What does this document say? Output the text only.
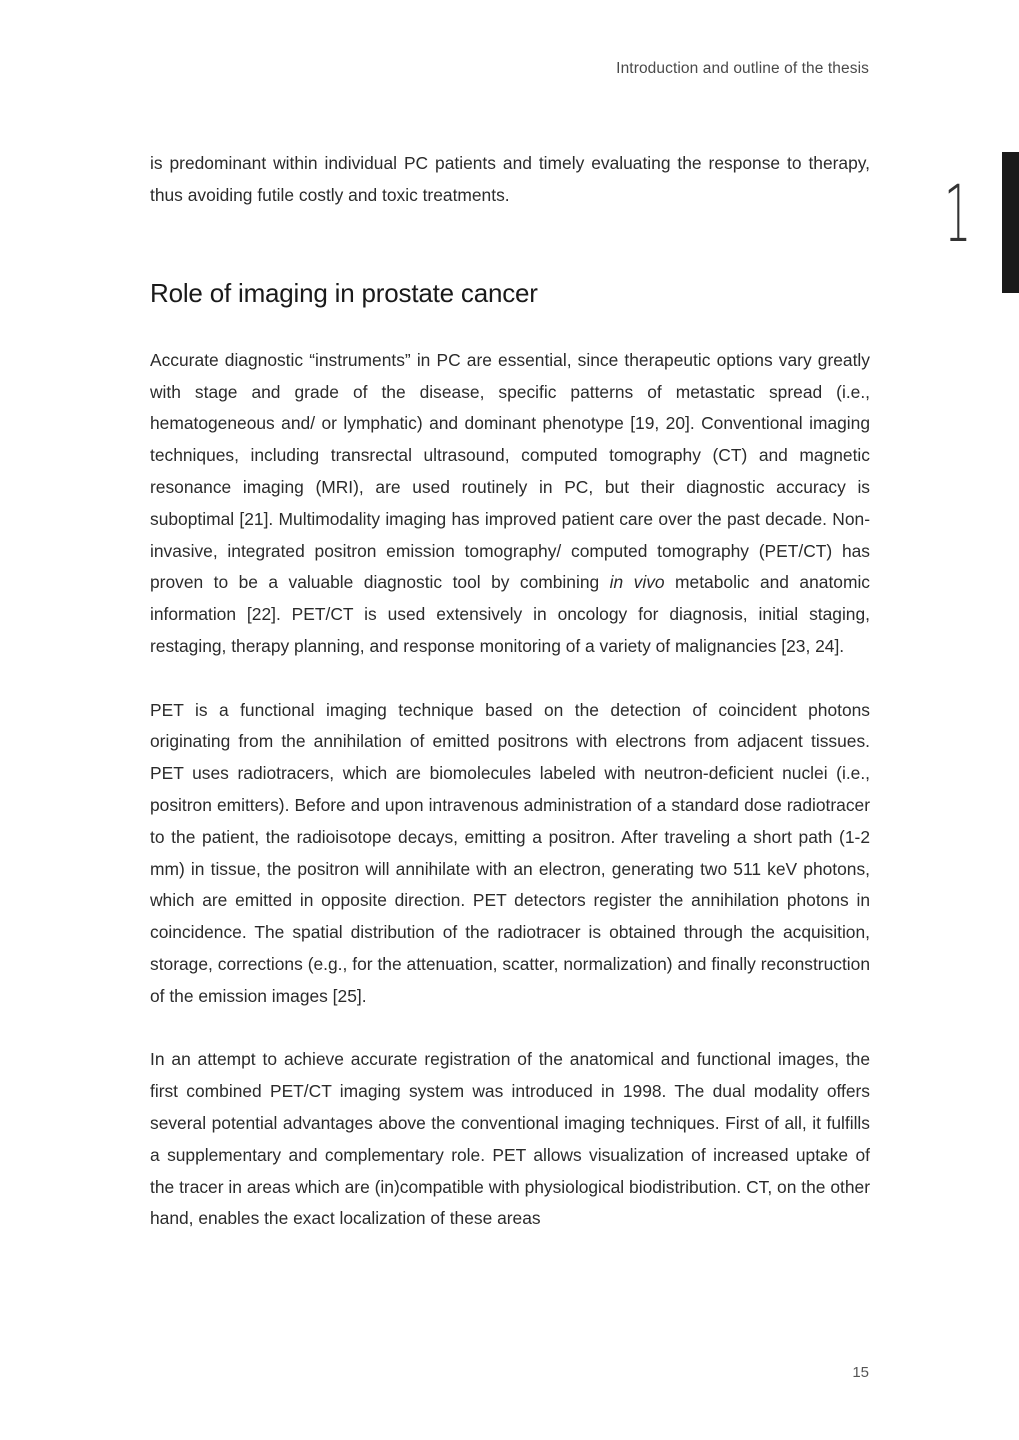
Introduction and outline of the thesis
1

is predominant within individual PC patients and timely evaluating the response to therapy, thus avoiding futile costly and toxic treatments.

Role of imaging in prostate cancer

Accurate diagnostic “instruments” in PC are essential, since therapeutic options vary greatly with stage and grade of the disease, specific patterns of metastatic spread (i.e., hematogeneous and/ or lymphatic) and dominant phenotype [19, 20]. Conventional imaging techniques, including transrectal ultrasound, computed tomography (CT) and magnetic resonance imaging (MRI), are used routinely in PC, but their diagnostic accuracy is suboptimal [21]. Multimodality imaging has improved patient care over the past decade. Non-invasive, integrated positron emission tomography/ computed tomography (PET/CT) has proven to be a valuable diagnostic tool by combining in vivo metabolic and anatomic information [22]. PET/CT is used extensively in oncology for diagnosis, initial staging, restaging, therapy planning, and response monitoring of a variety of malignancies [23, 24].

PET is a functional imaging technique based on the detection of coincident photons originating from the annihilation of emitted positrons with electrons from adjacent tissues. PET uses radiotracers, which are biomolecules labeled with neutron-deficient nuclei (i.e., positron emitters). Before and upon intravenous administration of a standard dose radiotracer to the patient, the radioisotope decays, emitting a positron. After traveling a short path (1-2 mm) in tissue, the positron will annihilate with an electron, generating two 511 keV photons, which are emitted in opposite direction. PET detectors register the annihilation photons in coincidence. The spatial distribution of the radiotracer is obtained through the acquisition, storage, corrections (e.g., for the attenuation, scatter, normalization) and finally reconstruction of the emission images [25].

In an attempt to achieve accurate registration of the anatomical and functional images, the first combined PET/CT imaging system was introduced in 1998. The dual modality offers several potential advantages above the conventional imaging techniques. First of all, it fulfills a supplementary and complementary role. PET allows visualization of increased uptake of the tracer in areas which are (in)compatible with physiological biodistribution. CT, on the other hand, enables the exact localization of these areas

15
